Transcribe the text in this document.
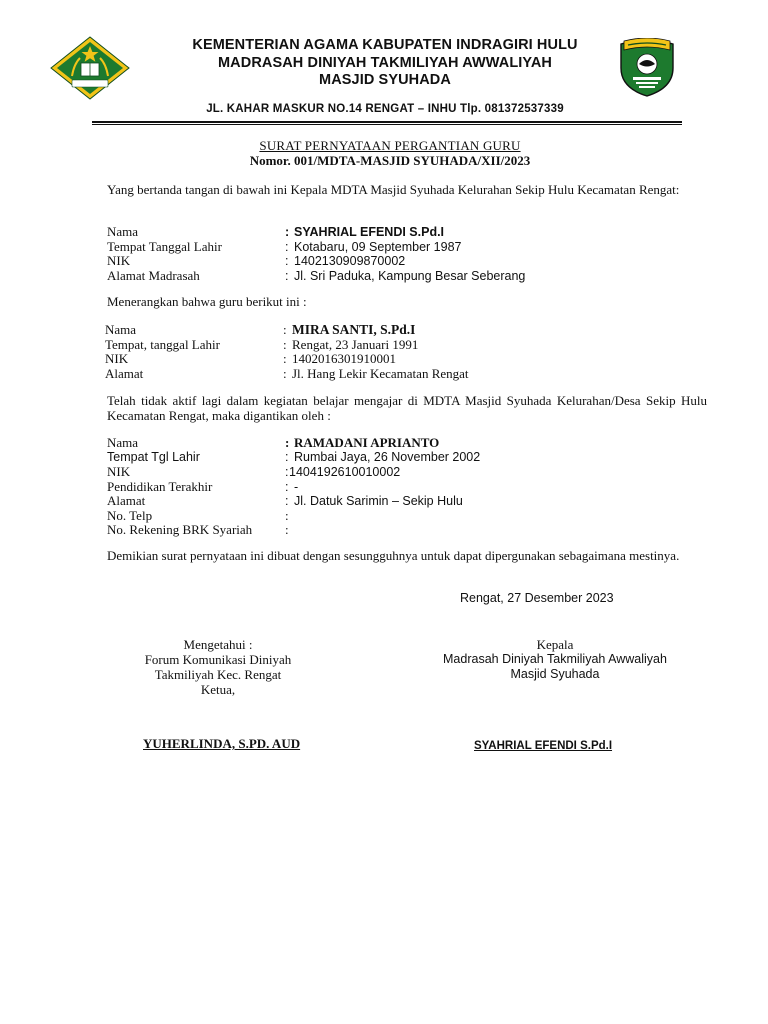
KEMENTERIAN AGAMA KABUPATEN INDRAGIRI HULU
MADRASAH DINIYAH TAKMILIYAH AWWALIYAH
MASJID SYUHADA
JL. KAHAR MASKUR NO.14 RENGAT – INHU Tlp. 081372537339
SURAT PERNYATAAN PERGANTIAN GURU
Nomor. 001/MDTA-MASJID SYUHADA/XII/2023
Yang bertanda tangan di bawah ini Kepala MDTA Masjid Syuhada Kelurahan Sekip Hulu Kecamatan Rengat:
Nama	: SYAHRIAL EFENDI S.Pd.I
Tempat Tanggal Lahir	: Kotabaru, 09 September 1987
NIK	: 1402130909870002
Alamat Madrasah	: Jl. Sri Paduka, Kampung Besar Seberang
Menerangkan bahwa guru berikut ini :
Nama	: MIRA SANTI, S.Pd.I
Tempat, tanggal Lahir	: Rengat, 23 Januari 1991
NIK	: 1402016301910001
Alamat	: Jl. Hang Lekir Kecamatan Rengat
Telah tidak aktif lagi dalam kegiatan belajar mengajar di MDTA Masjid Syuhada Kelurahan/Desa Sekip Hulu Kecamatan Rengat, maka digantikan oleh :
Nama	: RAMADANI APRIANTO
Tempat Tgl Lahir	: Rumbai Jaya, 26 November 2002
NIK	: 1404192610010002
Pendidikan Terakhir	: -
Alamat	: Jl. Datuk Sarimin – Sekip Hulu
No. Telp	:
No. Rekening BRK Syariah	:
Demikian surat pernyataan ini dibuat dengan sesungguhnya untuk dapat dipergunakan sebagaimana mestinya.
Rengat, 27 Desember 2023
Mengetahui :
Forum Komunikasi Diniyah
Takmiliyah Kec. Rengat
Ketua,
Kepala
Madrasah Diniyah Takmiliyah Awwaliyah
Masjid Syuhada
YUHERLINDA, S.PD. AUD	SYAHRIAL EFENDI S.Pd.I
